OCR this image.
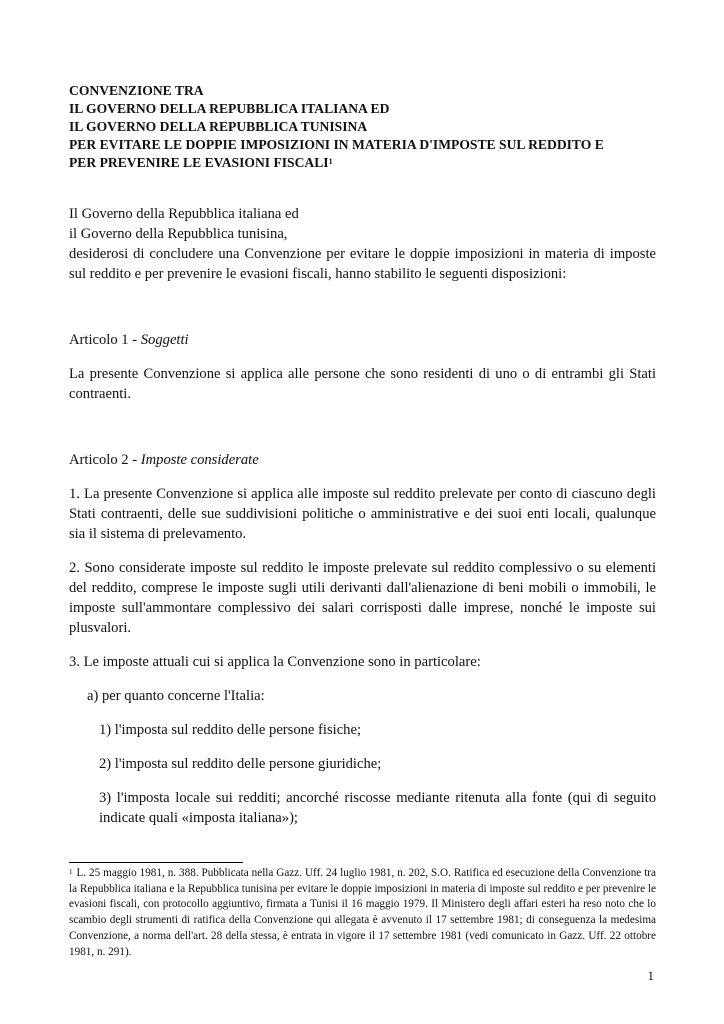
CONVENZIONE TRA

IL GOVERNO DELLA REPUBBLICA ITALIANA ED

IL GOVERNO DELLA REPUBBLICA TUNISINA

PER EVITARE LE DOPPIE IMPOSIZIONI IN MATERIA D'IMPOSTE SUL REDDITO E

PER PREVENIRE LE EVASIONI FISCALI$^1$

Il Governo della Repubblica italiana ed

il Governo della Repubblica tunisina,

desiderosi di concludere una Convenzione per evitare le doppie imposizioni in materia di imposte sul reddito e per prevenire le evasioni fiscali, hanno stabilito le seguenti disposizioni:

Articolo 1 - Soggetti

La presente Convenzione si applica alle persone che sono residenti di uno o di entrambi gli Stati contraenti.

Articolo 2 - Imposte considerate

1. La presente Convenzione si applica alle imposte sul reddito prelevate per conto di ciascuno degli Stati contraenti, delle sue suddivisioni politiche o amministrative e dei suoi enti locali, qualunque sia il sistema di prelevamento.

2. Sono considerate imposte sul reddito le imposte prelevate sul reddito complessivo o su elementi del reddito, comprese le imposte sugli utili derivanti dall'alienazione di beni mobili o immobili, le imposte sull'ammontare complessivo dei salari corrisposti dalle imprese, nonché le imposte sui plusvalori.

3. Le imposte attuali cui si applica la Convenzione sono in particolare:

a) per quanto concerne l'Italia:

1) l'imposta sul reddito delle persone fisiche;

2) l'imposta sul reddito delle persone giuridiche;

3) l'imposta locale sui redditi; ancorché riscosse mediante ritenuta alla fonte (qui di seguito indicate quali «imposta italiana»);

$^1$ L. 25 maggio 1981, n. 388. Pubblicata nella Gazz. Uff. 24 luglio 1981, n. 202, S.O. Ratifica ed esecuzione della Convenzione tra la Repubblica italiana e la Repubblica tunisina per evitare le doppie imposizioni in materia di imposte sul reddito e per prevenire le evasioni fiscali, con protocollo aggiuntivo, firmata a Tunisi il 16 maggio 1979. Il Ministero degli affari esteri ha reso noto che lo scambio degli strumenti di ratifica della Convenzione qui allegata è avvenuto il 17 settembre 1981; di conseguenza la medesima Convenzione, a norma dell'art. 28 della stessa, è entrata in vigore il 17 settembre 1981 (vedi comunicato in Gazz. Uff. 22 ottobre 1981, n. 291).
1
